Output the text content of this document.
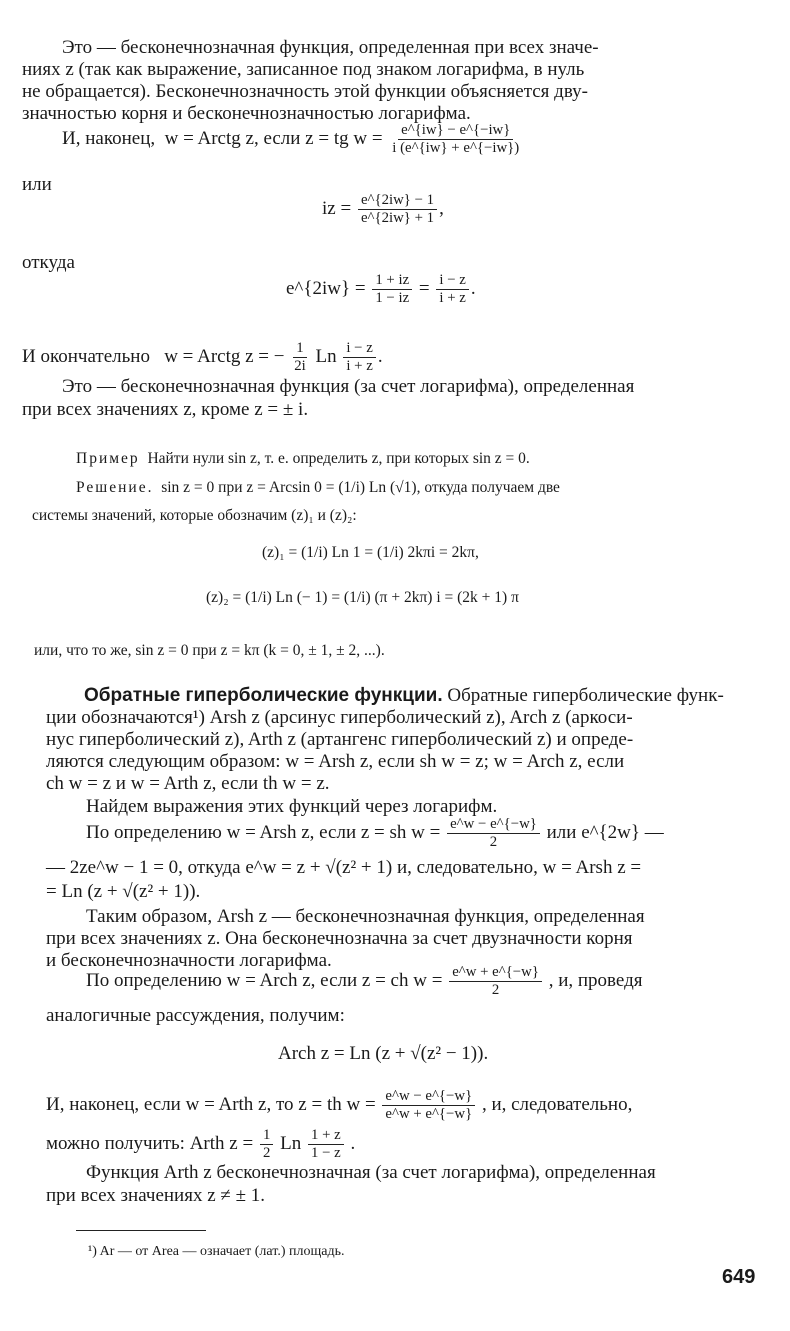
Это — бесконечнозначная функция, определенная при всех значе-
ниях z (так как выражение, записанное под знаком логарифма, в нуль
не обращается). Бесконечнозначность этой функции объясняется дву-
значностью корня и бесконечнозначностью логарифма.
И, наконец, w = Arctg z, если z = tg $w = \frac{e\^{}\{iw\} - e\^{}\{-iw\}}{i (e\^{}\{iw\} + e\^{}\{-iw\})}$
или
iz = $\frac{e\^{}\{2iw\} - 1}{e\^{}\{2iw\} + 1}$ ,
откуда
e^{2iw} = $\frac{1 + iz}{1 - iz} = \frac{i - z}{i + z}$ .
И окончательно w = Arctg z = − $\frac{1}{2i}$ Ln $\frac{i - z}{i + z}$ .
Это — бесконечнозначная функция (за счет логарифма), определенная
при всех значениях z, кроме z = ± i.
Пример Найти нули sin z, т. е. определить z, при которых sin z = 0.
Решение. sin z = 0 при z = Arcsin 0 = (1/i) Ln (√1), откуда получаем две
системы значений, которые обозначим (z)₁ и (z)₂:
(z)₁ = (1/i) Ln 1 = (1/i) 2kπi = 2kπ,
(z)₂ = (1/i) Ln (− 1) = (1/i) (π + 2kπ) i = (2k + 1) π
или, что то же, sin z = 0 при z = kπ (k = 0, ± 1, ± 2, ...).
Обратные гиперболические функции. Обратные гиперболические функ-
ции обозначаются¹) Arsh z (арсинус гиперболический z), Arch z (аркоси-
нус гиперболический z), Arth z (артангенс гиперболический z) и опреде-
ляются следующим образом: w = Arsh z, если sh w = z; w = Arch z, если
ch w = z и w = Arth z, если th w = z.
Найдем выражения этих функций через логарифм.
По определению w = Arsh z, если z = sh $w = \frac{e\^{}w - e\^{}\{-w\}}{2}$ или e^{2w} —
— 2ze^w − 1 = 0, откуда e^w = z + √(z² + 1) и, следовательно, w = Arsh z =
= Ln (z + √(z² + 1)).
Таким образом, Arsh z — бесконечнозначная функция, определенная
при всех значениях z. Она бесконечнозначна за счет двузначности корня
и бесконечнозначности логарифма.
По определению w = Arch z, если z = ch $w = \frac{e\^{}w + e\^{}\{-w\}}{2}$ , и, проведя
аналогичные рассуждения, получим:
Arch z = Ln (z + √(z² − 1)).
И, наконец, если w = Arth z, то z = th $w = \frac{e\^{}w - e\^{}\{-w\}}{e\^{}w + e\^{}\{-w\}}$ , и, следовательно,
можно получить: Arth $z = \frac{1}{2}$ Ln $\frac{1 + z}{1 - z}$ .
Функция Arth z бесконечнозначная (за счет логарифма), определенная
при всех значениях z ≠ ± 1.
¹) Ar — от Area — означает (лат.) площадь.
649
